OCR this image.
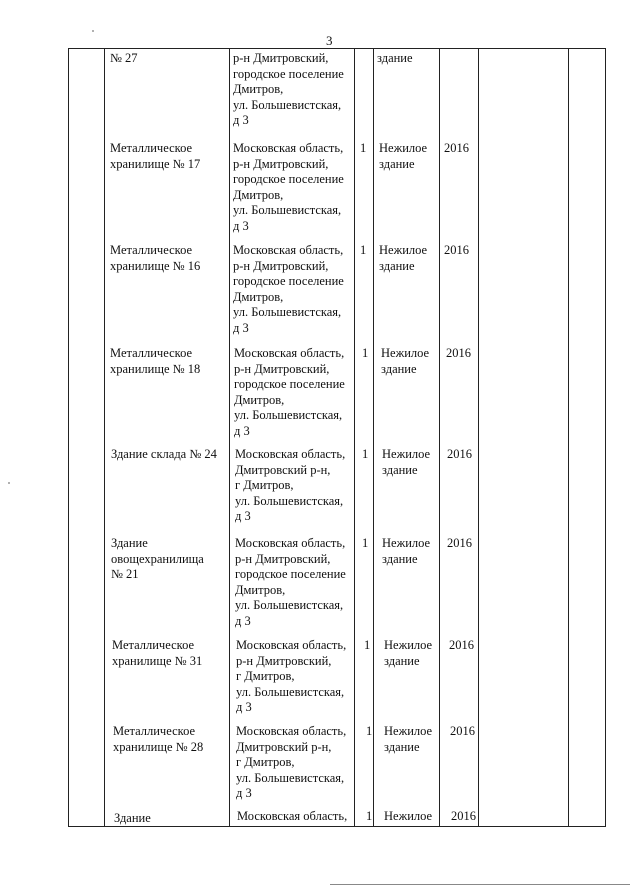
3
№ 27	р-н Дмитровский,
городское поселение
Дмитров,
ул. Большевистская,
д 3
здание
Металлическое
хранилище № 17
Московская область,
р-н Дмитровский,
городское поселение
Дмитров,
ул. Большевистская,
д 3
1 Нежилое
здание
2016
Металлическое
хранилище № 16
Московская область,
р-н Дмитровский,
городское поселение
Дмитров,
ул. Большевистская,
д 3
1 Нежилое
здание
2016
Металлическое
хранилище № 18
Московская область,
р-н Дмитровский,
городское поселение
Дмитров,
ул. Большевистская,
д 3
1 Нежилое
здание
2016
Здание склада № 24 Московская область,
Дмитровский р-н,
г Дмитров,
ул. Большевистская,
д 3
1 Нежилое
здание
2016
Здание
овощехранилища
№ 21
Московская область,
р-н Дмитровский,
городское поселение
Дмитров,
ул. Большевистская,
д 3
1 Нежилое
здание
2016
Металлическое
хранилище № 31
Московская область,
р-н Дмитровский,
г Дмитров,
ул. Большевистская,
д 3
1 Нежилое
здание
2016
Металлическое
хранилище № 28
Московская область,
Дмитровский р-н,
г Дмитров,
ул. Большевистская,
д 3
1 Нежилое
здание
2016
Здание	Московская область, 1 Нежилое 2016
